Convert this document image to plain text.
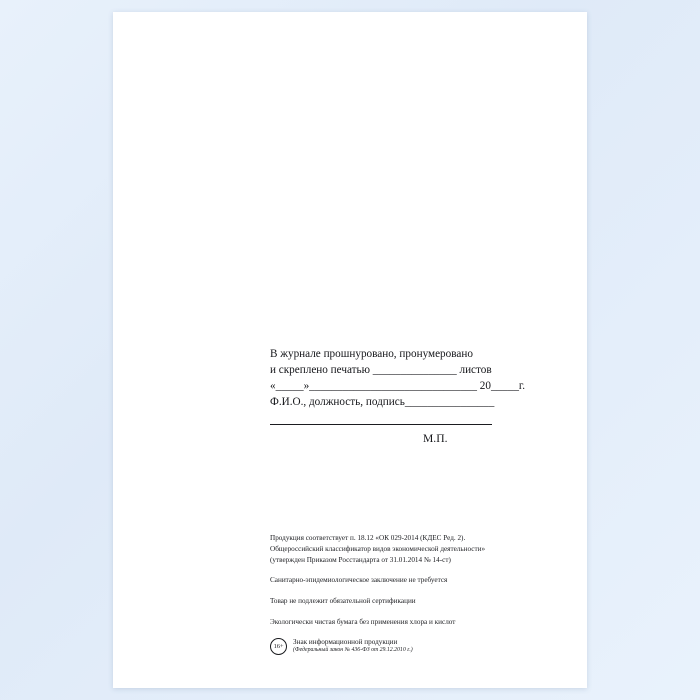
В журнале прошнуровано, пронумеровано
и скреплено печатью _______________ листов
«_____»______________________________ 20_____г.
Ф.И.О., должность, подпись________________
М.П.
Продукция соответствует п. 18.12 «ОК 029-2014 (КДЕС Ред. 2).
Общероссийский классификатор видов экономической деятельности»
(утвержден Приказом Росстандарта от 31.01.2014 № 14-ст)
Санитарно-эпидемиологическое заключение не требуется
Товар не подлежит обязательной сертификации
Экологически чистая бумага без применения хлора и кислот
16+
Знак информационной продукции
(Федеральный закон № 436-ФЗ от 29.12.2010 г.)
